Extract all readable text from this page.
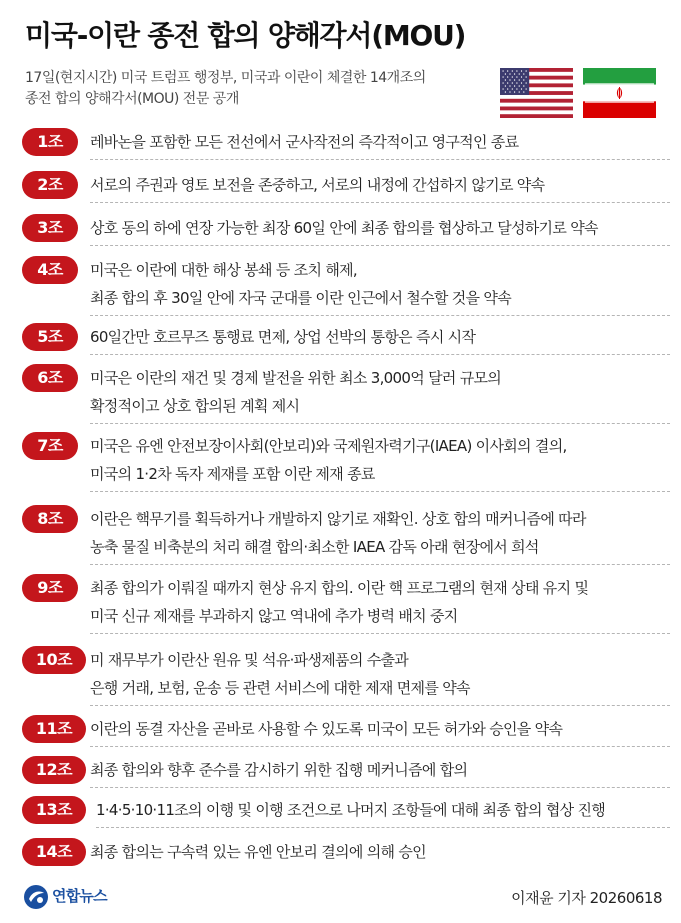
미국-이란 종전 합의 양해각서(MOU)
17일(현지시간) 미국 트럼프 행정부, 미국과 이란이 체결한 14개조의
종전 합의 양해각서(MOU) 전문 공개
1조	레바논을 포함한 모든 전선에서 군사작전의 즉각적이고 영구적인 종료
2조	서로의 주권과 영토 보전을 존중하고, 서로의 내정에 간섭하지 않기로 약속
3조	상호 동의 하에 연장 가능한 최장 60일 안에 최종 합의를 협상하고 달성하기로 약속
4조	미국은 이란에 대한 해상 봉쇄 등 조치 해제,
최종 합의 후 30일 안에 자국 군대를 이란 인근에서 철수할 것을 약속
5조	60일간만 호르무즈 통행료 면제, 상업 선박의 통항은 즉시 시작
6조	미국은 이란의 재건 및 경제 발전을 위한 최소 3,000억 달러 규모의
확정적이고 상호 합의된 계획 제시
7조	미국은 유엔 안전보장이사회(안보리)와 국제원자력기구(IAEA) 이사회의 결의,
미국의 1·2차 독자 제재를 포함 이란 제재 종료
8조	이란은 핵무기를 획득하거나 개발하지 않기로 재확인. 상호 합의 매커니즘에 따라
농축 물질 비축분의 처리 해결 합의·최소한 IAEA 감독 아래 현장에서 희석
9조	최종 합의가 이뤄질 때까지 현상 유지 합의. 이란 핵 프로그램의 현재 상태 유지 및
미국 신규 제재를 부과하지 않고 역내에 추가 병력 배치 중지
10조	미 재무부가 이란산 원유 및 석유·파생제품의 수출과
은행 거래, 보험, 운송 등 관련 서비스에 대한 제재 면제를 약속
11조	이란의 동결 자산을 곧바로 사용할 수 있도록 미국이 모든 허가와 승인을 약속
12조	최종 합의와 향후 준수를 감시하기 위한 집행 메커니즘에 합의
13조	1·4·5·10·11조의 이행 및 이행 조건으로 나머지 조항들에 대해 최종 합의 협상 진행
14조	최종 합의는 구속력 있는 유엔 안보리 결의에 의해 승인
연합뉴스	이재윤 기자 20260618
